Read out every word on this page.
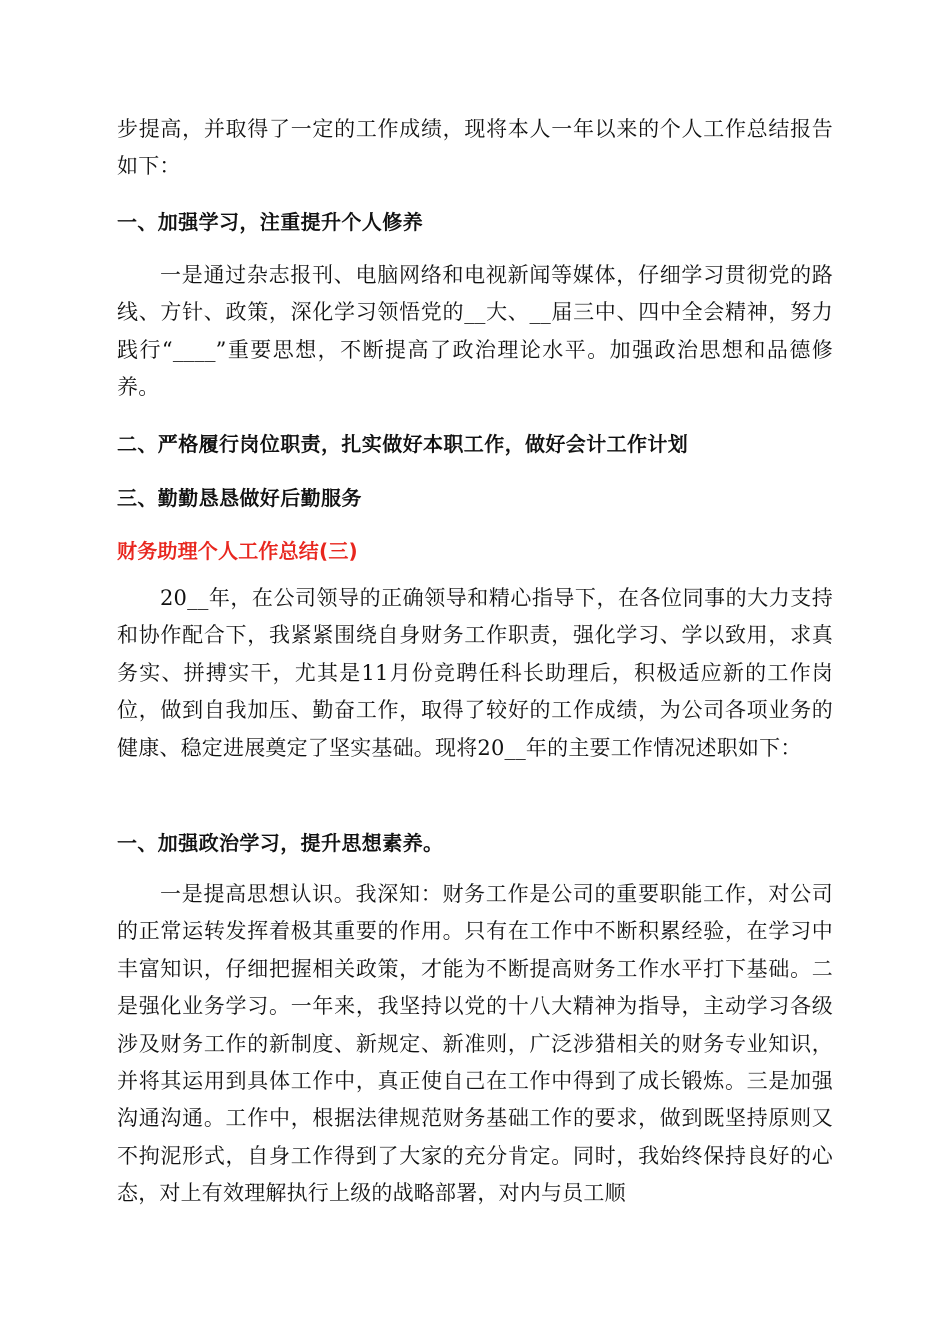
步提高，并取得了一定的工作成绩，现将本人一年以来的个人工作总结报告如下：

一、加强学习，注重提升个人修养

一是通过杂志报刊、电脑网络和电视新闻等媒体，仔细学习贯彻党的路线、方针、政策，深化学习领悟党的__大、__届三中、四中全会精神，努力践行“____”重要思想，不断提高了政治理论水平。加强政治思想和品德修养。

二、严格履行岗位职责，扎实做好本职工作，做好会计工作计划

三、勤勤恳恳做好后勤服务

财务助理个人工作总结(三)

20__年，在公司领导的正确领导和精心指导下，在各位同事的大力支持和协作配合下，我紧紧围绕自身财务工作职责，强化学习、学以致用，求真务实、拼搏实干，尤其是11月份竞聘任科长助理后，积极适应新的工作岗位，做到自我加压、勤奋工作，取得了较好的工作成绩，为公司各项业务的健康、稳定进展奠定了坚实基础。现将20__年的主要工作情况述职如下：

一、加强政治学习，提升思想素养。

一是提高思想认识。我深知：财务工作是公司的重要职能工作，对公司的正常运转发挥着极其重要的作用。只有在工作中不断积累经验，在学习中丰富知识，仔细把握相关政策，才能为不断提高财务工作水平打下基础。二是强化业务学习。一年来，我坚持以党的十八大精神为指导，主动学习各级涉及财务工作的新制度、新规定、新准则，广泛涉猎相关的财务专业知识，并将其运用到具体工作中，真正使自己在工作中得到了成长锻炼。三是加强沟通沟通。工作中，根据法律规范财务基础工作的要求，做到既坚持原则又不拘泥形式，自身工作得到了大家的充分肯定。同时，我始终保持良好的心态，对上有效理解执行上级的战略部署，对内与员工顺
